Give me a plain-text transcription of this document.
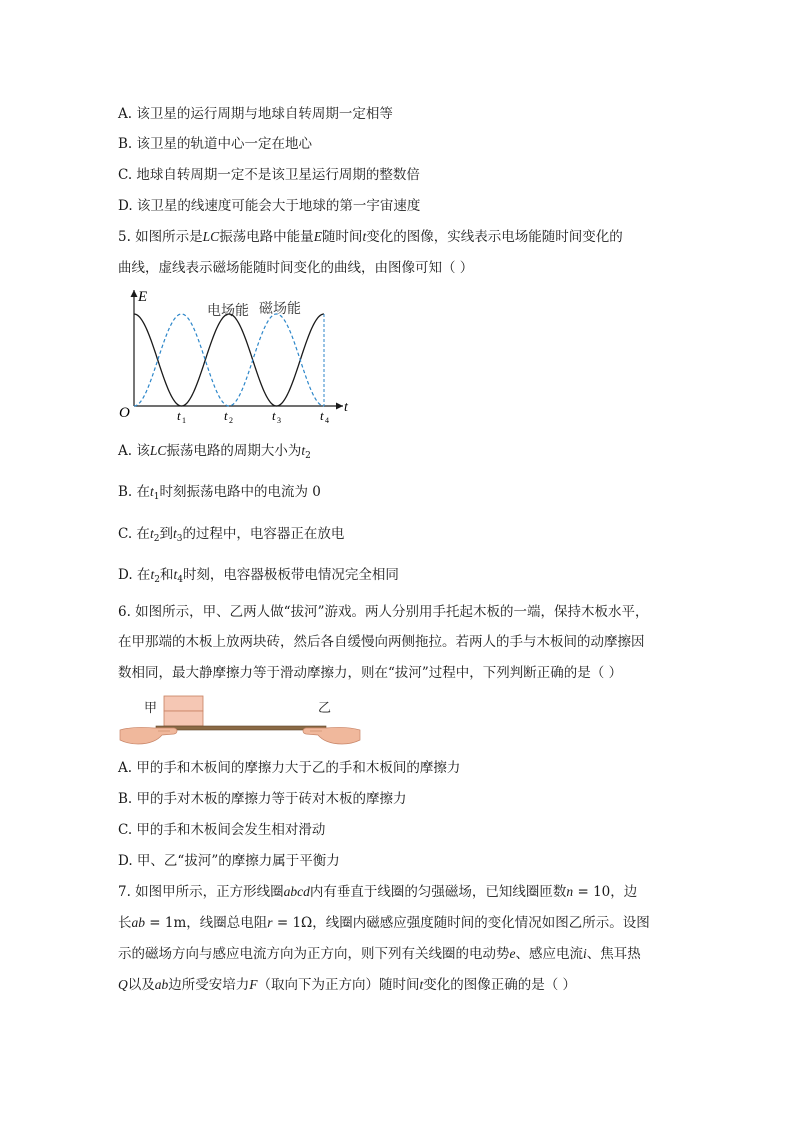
A. 该卫星的运行周期与地球自转周期一定相等
B. 该卫星的轨道中心一定在地心
C. 地球自转周期一定不是该卫星运行周期的整数倍
D. 该卫星的线速度可能会大于地球的第一宇宙速度
5. 如图所示是LC振荡电路中能量E随时间t变化的图像，实线表示电场能随时间变化的
曲线，虚线表示磁场能随时间变化的曲线，由图像可知（ ）
E
t
O
电场能 磁场能
t 1	t 2	t 3	t 4
A. 该LC振荡电路的周期大小为$t_2$
B. 在$t_1$时刻振荡电路中的电流为 0
C. 在$t_2$到$t_3$的过程中，电容器正在放电
D. 在$t_2$和$t_4$时刻，电容器极板带电情况完全相同
6. 如图所示，甲、乙两人做“拔河”游戏。两人分别用手托起木板的一端，保持木板水平，
在甲那端的木板上放两块砖，然后各自缓慢向两侧拖拉。若两人的手与木板间的动摩擦因
数相同，最大静摩擦力等于滑动摩擦力，则在“拔河”过程中，下列判断正确的是（ ）
甲	乙
A. 甲的手和木板间的摩擦力大于乙的手和木板间的摩擦力
B. 甲的手对木板的摩擦力等于砖对木板的摩擦力
C. 甲的手和木板间会发生相对滑动
D. 甲、乙“拔河”的摩擦力属于平衡力
7. 如图甲所示，正方形线圈abcd内有垂直于线圈的匀强磁场，已知线圈匝数n = 10，边
长ab = 1m，线圈总电阻r = 1Ω，线圈内磁感应强度随时间的变化情况如图乙所示。设图
示的磁场方向与感应电流方向为正方向，则下列有关线圈的电动势e、感应电流i、焦耳热
Q以及ab边所受安培力F（取向下为正方向）随时间t变化的图像正确的是（ ）
